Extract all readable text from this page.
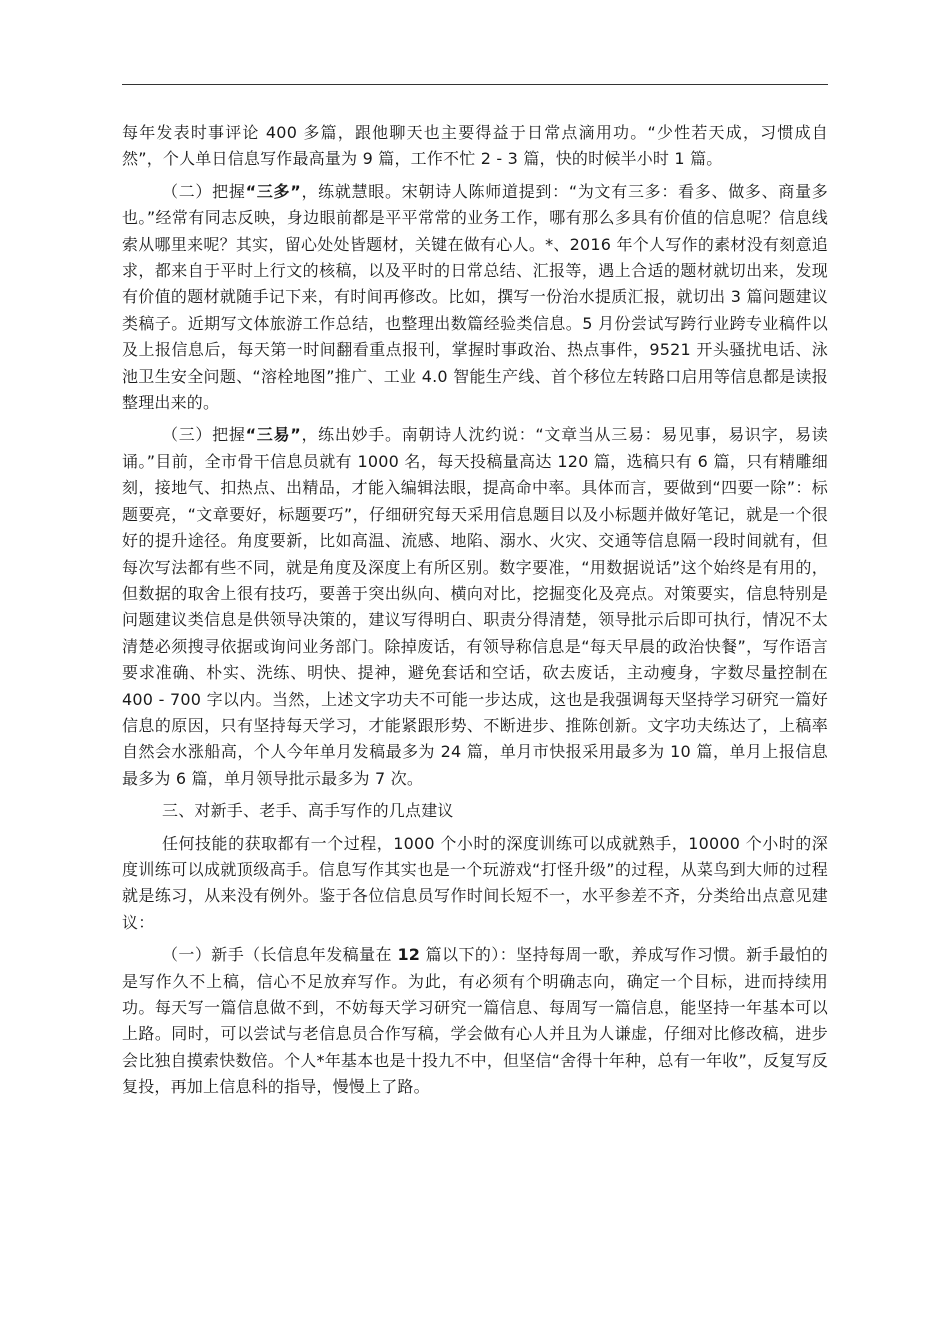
每年发表时事评论 400 多篇，跟他聊天也主要得益于日常点滴用功。“少性若天成，习惯成自然”，个人单日信息写作最高量为 9 篇，工作不忙 2 - 3 篇，快的时候半小时 1 篇。

（二）把握“三多”，练就慧眼。宋朝诗人陈师道提到：“为文有三多：看多、做多、商量多也。”经常有同志反映，身边眼前都是平平常常的业务工作，哪有那么多具有价值的信息呢？信息线索从哪里来呢？其实，留心处处皆题材，关键在做有心人。*、2016 年个人写作的素材没有刻意追求，都来自于平时上行文的核稿，以及平时的日常总结、汇报等，遇上合适的题材就切出来，发现有价值的题材就随手记下来，有时间再修改。比如，撰写一份治水提质汇报，就切出 3 篇问题建议类稿子。近期写文体旅游工作总结，也整理出数篇经验类信息。5 月份尝试写跨行业跨专业稿件以及上报信息后，每天第一时间翻看重点报刊，掌握时事政治、热点事件，9521 开头骚扰电话、泳池卫生安全问题、“溶栓地图”推广、工业 4.0 智能生产线、首个移位左转路口启用等信息都是读报整理出来的。

（三）把握“三易”，练出妙手。南朝诗人沈约说：“文章当从三易：易见事，易识字，易读诵。”目前，全市骨干信息员就有 1000 名，每天投稿量高达 120 篇，选稿只有 6 篇，只有精雕细刻，接地气、扣热点、出精品，才能入编辑法眼，提高命中率。具体而言，要做到“四要一除”：标题要亮，“文章要好，标题要巧”，仔细研究每天采用信息题目以及小标题并做好笔记，就是一个很好的提升途径。角度要新，比如高温、流感、地陷、溺水、火灾、交通等信息隔一段时间就有，但每次写法都有些不同，就是角度及深度上有所区别。数字要准，“用数据说话”这个始终是有用的，但数据的取舍上很有技巧，要善于突出纵向、横向对比，挖掘变化及亮点。对策要实，信息特别是问题建议类信息是供领导决策的，建议写得明白、职责分得清楚，领导批示后即可执行，情况不太清楚必须搜寻依据或询问业务部门。除掉废话，有领导称信息是“每天早晨的政治快餐”，写作语言要求准确、朴实、洗练、明快、提神，避免套话和空话，砍去废话，主动瘦身，字数尽量控制在 400 - 700 字以内。当然，上述文字功夫不可能一步达成，这也是我强调每天坚持学习研究一篇好信息的原因，只有坚持每天学习，才能紧跟形势、不断进步、推陈创新。文字功夫练达了，上稿率自然会水涨船高，个人今年单月发稿最多为 24 篇，单月市快报采用最多为 10 篇，单月上报信息最多为 6 篇，单月领导批示最多为 7 次。

三、对新手、老手、高手写作的几点建议

任何技能的获取都有一个过程，1000 个小时的深度训练可以成就熟手，10000 个小时的深度训练可以成就顶级高手。信息写作其实也是一个玩游戏“打怪升级”的过程，从菜鸟到大师的过程就是练习，从来没有例外。鉴于各位信息员写作时间长短不一，水平参差不齐，分类给出点意见建议：

（一）新手（长信息年发稿量在 12 篇以下的）：坚持每周一歌，养成写作习惯。新手最怕的是写作久不上稿，信心不足放弃写作。为此，有必须有个明确志向，确定一个目标，进而持续用功。每天写一篇信息做不到，不妨每天学习研究一篇信息、每周写一篇信息，能坚持一年基本可以上路。同时，可以尝试与老信息员合作写稿，学会做有心人并且为人谦虚，仔细对比修改稿，进步会比独自摸索快数倍。个人*年基本也是十投九不中，但坚信“舍得十年种，总有一年收”，反复写反复投，再加上信息科的指导，慢慢上了路。
